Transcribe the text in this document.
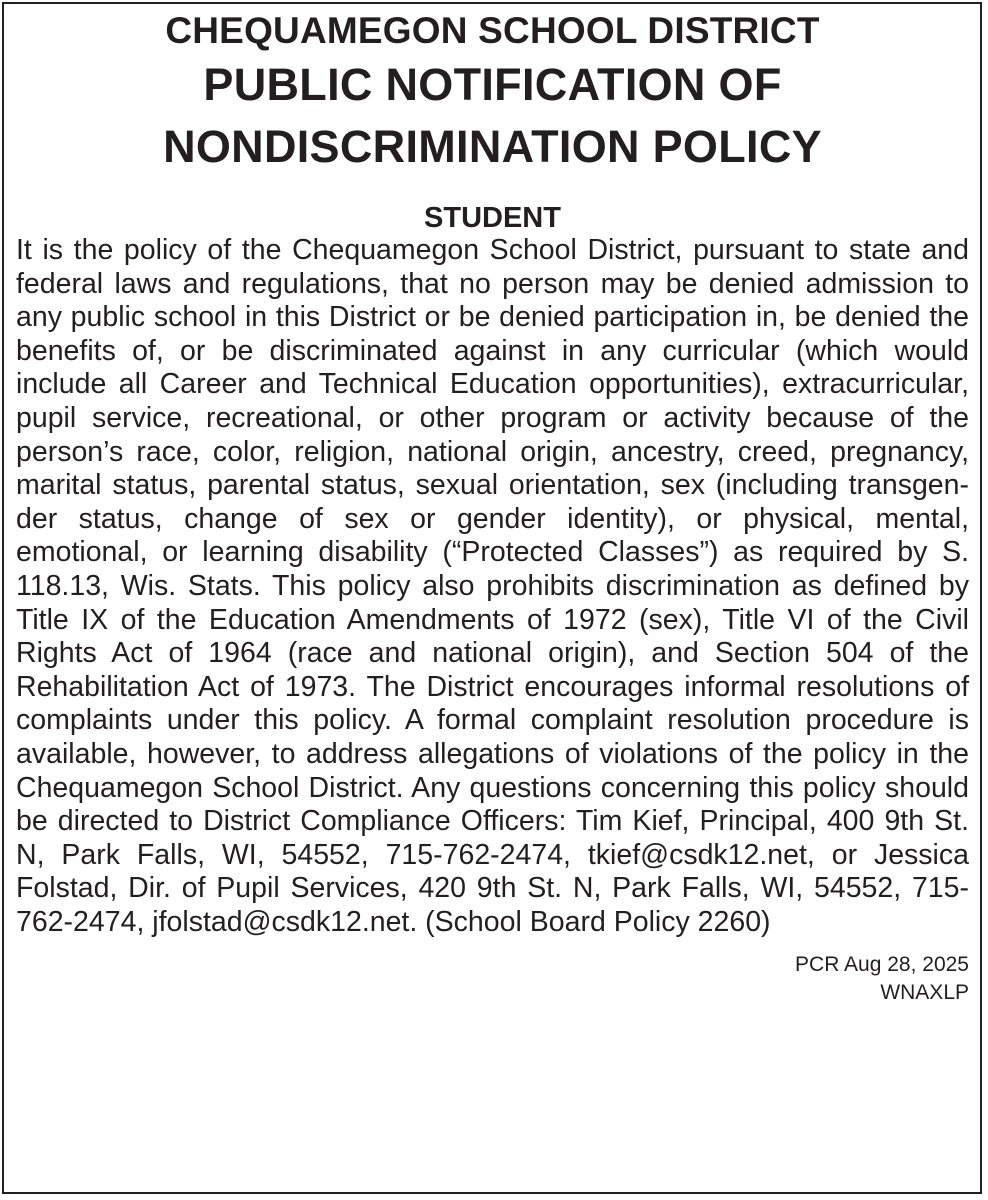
CHEQUAMEGON SCHOOL DISTRICT
PUBLIC NOTIFICATION OF
NONDISCRIMINATION POLICY
STUDENT

It is the policy of the Chequamegon School District, pursuant to state and federal laws and regulations, that no person may be denied admission to any public school in this District or be denied participation in, be denied the benefits of, or be discriminated against in any curricular (which would include all Career and Technical Education opportunities), extracurricular, pupil service, recreational, or other program or activity because of the person’s race, color, religion, national origin, ancestry, creed, pregnancy, marital status, parental status, sexual orientation, sex (including transgender status, change of sex or gender identity), or physical, mental, emotional, or learning disability (“Protected Classes”) as required by S. 118.13, Wis. Stats. This policy also prohibits discrimination as defined by Title IX of the Education Amendments of 1972 (sex), Title VI of the Civil Rights Act of 1964 (race and national origin), and Section 504 of the Rehabilitation Act of 1973. The District encourages informal resolutions of complaints under this policy. A formal complaint resolution procedure is available, however, to address allegations of violations of the policy in the Chequamegon School District. Any questions concerning this policy should be directed to District Compliance Officers: Tim Kief, Principal, 400 9th St. N, Park Falls, WI, 54552, 715-762-2474, tkief@csdk12.net, or Jessica Folstad, Dir. of Pupil Services, 420 9th St. N, Park Falls, WI, 54552, 715-762-2474, jfolstad@csdk12.net. (School Board Policy 2260)

PCR Aug 28, 2025
WNAXLP
